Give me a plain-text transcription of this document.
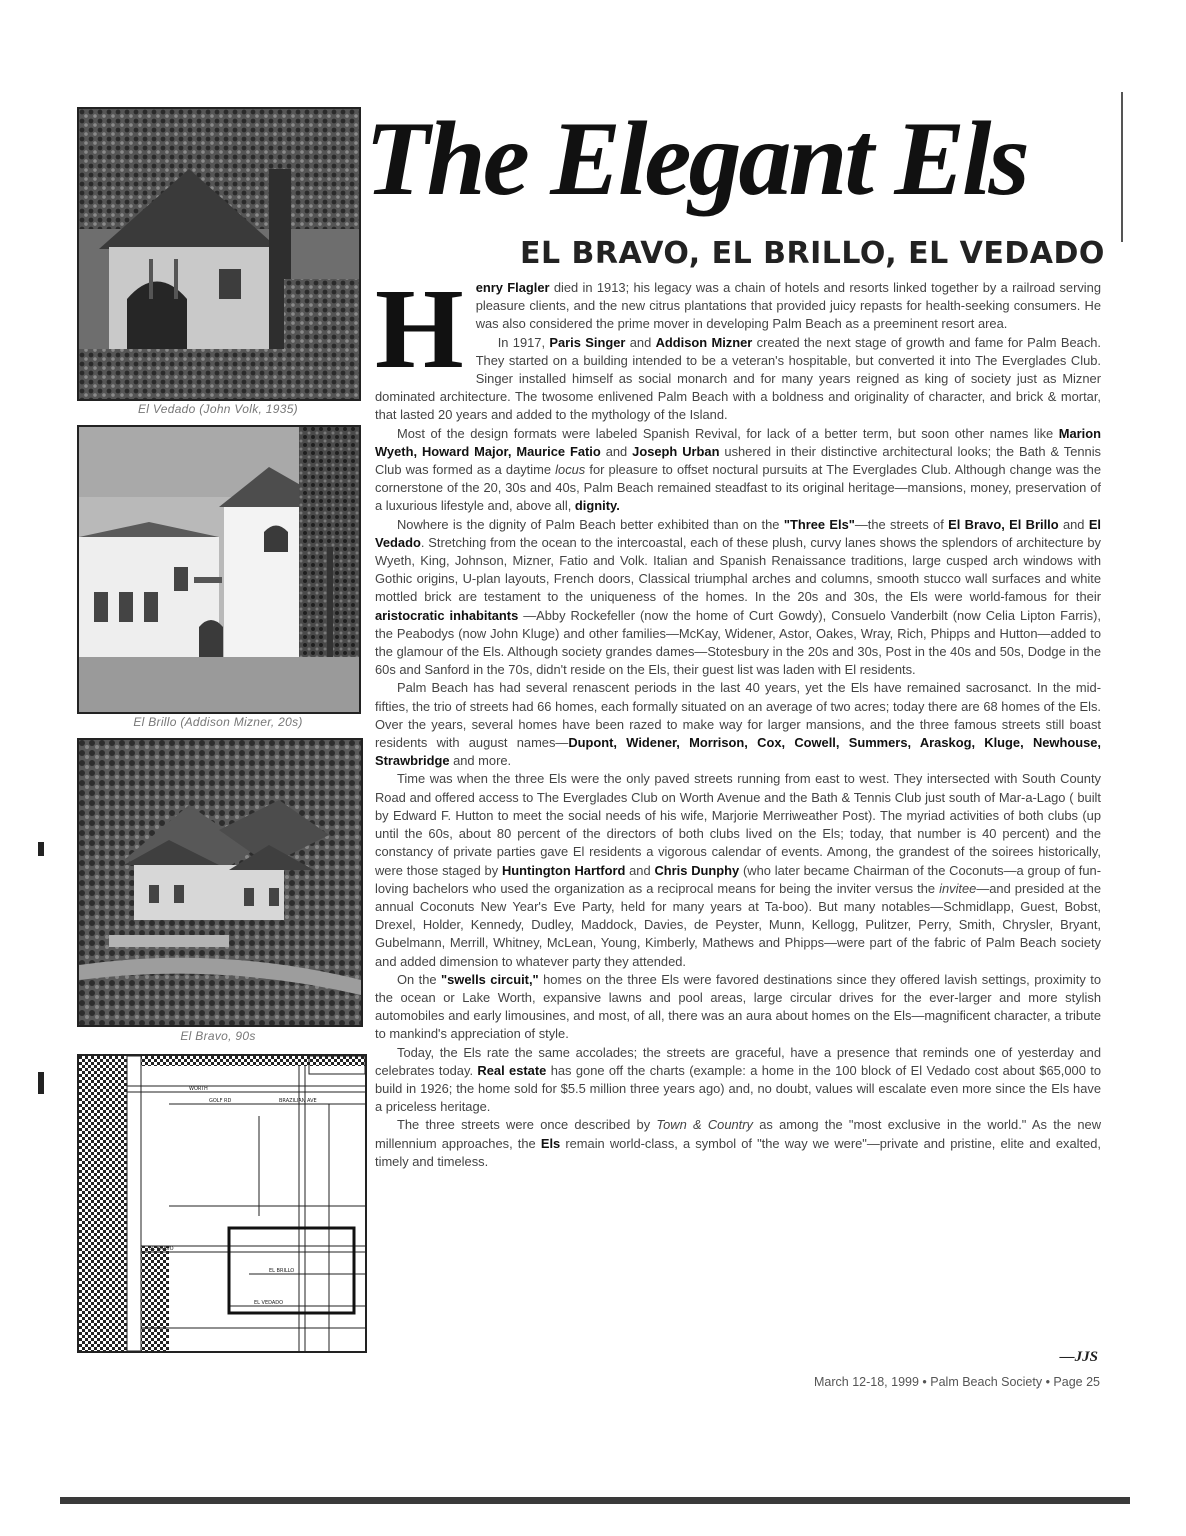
El Vedado (John Volk, 1935)
El Brillo (Addison Mizner, 20s)
El Bravo, 90s
WORTH
GOLF RD	BRAZILIAN AVE
EL BRAVO
EL BRILLO
EL VEDADO
The Elegant Els
EL BRAVO, EL BRILLO, EL VEDADO
H enry Flagler died in 1913; his legacy was a chain of hotels and resorts linked together by a railroad serving pleasure clients, and the new citrus plantations that provided juicy repasts for health-seeking consumers. He was also considered the prime mover in developing Palm Beach as a preeminent resort area.

In 1917, Paris Singer and Addison Mizner created the next stage of growth and fame for Palm Beach. They started on a building intended to be a veteran's hospitable, but converted it into The Everglades Club. Singer installed himself as social monarch and for many years reigned as king of society just as Mizner dominated architecture. The twosome enlivened Palm Beach with a boldness and originality of character, and brick & mortar, that lasted 20 years and added to the mythology of the Island.

Most of the design formats were labeled Spanish Revival, for lack of a better term, but soon other names like Marion Wyeth, Howard Major, Maurice Fatio and Joseph Urban ushered in their distinctive architectural looks; the Bath & Tennis Club was formed as a daytime locus for pleasure to offset noctural pursuits at The Everglades Club. Although change was the cornerstone of the 20, 30s and 40s, Palm Beach remained steadfast to its original heritage—mansions, money, preservation of a luxurious lifestyle and, above all, dignity.

Nowhere is the dignity of Palm Beach better exhibited than on the "Three Els"—the streets of El Bravo, El Brillo and El Vedado. Stretching from the ocean to the intercoastal, each of these plush, curvy lanes shows the splendors of architecture by Wyeth, King, Johnson, Mizner, Fatio and Volk. Italian and Spanish Renaissance traditions, large cusped arch windows with Gothic origins, U-plan layouts, French doors, Classical triumphal arches and columns, smooth stucco wall surfaces and white mottled brick are testament to the uniqueness of the homes. In the 20s and 30s, the Els were world-famous for their aristocratic inhabitants —Abby Rockefeller (now the home of Curt Gowdy), Consuelo Vanderbilt (now Celia Lipton Farris), the Peabodys (now John Kluge) and other families—McKay, Widener, Astor, Oakes, Wray, Rich, Phipps and Hutton—added to the glamour of the Els. Although society grandes dames—Stotesbury in the 20s and 30s, Post in the 40s and 50s, Dodge in the 60s and Sanford in the 70s, didn't reside on the Els, their guest list was laden with El residents.

Palm Beach has had several renascent periods in the last 40 years, yet the Els have remained sacrosanct. In the mid-fifties, the trio of streets had 66 homes, each formally situated on an average of two acres; today there are 68 homes of the Els. Over the years, several homes have been razed to make way for larger mansions, and the three famous streets still boast residents with august names—Dupont, Widener, Morrison, Cox, Cowell, Summers, Araskog, Kluge, Newhouse, Strawbridge and more.

Time was when the three Els were the only paved streets running from east to west. They intersected with South County Road and offered access to The Everglades Club on Worth Avenue and the Bath & Tennis Club just south of Mar-a-Lago ( built by Edward F. Hutton to meet the social needs of his wife, Marjorie Merriweather Post). The myriad activities of both clubs (up until the 60s, about 80 percent of the directors of both clubs lived on the Els; today, that number is 40 percent) and the constancy of private parties gave El residents a vigorous calendar of events. Among, the grandest of the soirees historically, were those staged by Huntington Hartford and Chris Dunphy (who later became Chairman of the Coconuts—a group of fun-loving bachelors who used the organization as a reciprocal means for being the inviter versus the invitee—and presided at the annual Coconuts New Year's Eve Party, held for many years at Ta-boo). But many notables—Schmidlapp, Guest, Bobst, Drexel, Holder, Kennedy, Dudley, Maddock, Davies, de Peyster, Munn, Kellogg, Pulitzer, Perry, Smith, Chrysler, Bryant, Gubelmann, Merrill, Whitney, McLean, Young, Kimberly, Mathews and Phipps—were part of the fabric of Palm Beach society and added dimension to whatever party they attended.

On the "swells circuit," homes on the three Els were favored destinations since they offered lavish settings, proximity to the ocean or Lake Worth, expansive lawns and pool areas, large circular drives for the ever-larger and more stylish automobiles and early limousines, and most, of all, there was an aura about homes on the Els—magnificent character, a tribute to mankind's appreciation of style.

Today, the Els rate the same accolades; the streets are graceful, have a presence that reminds one of yesterday and celebrates today. Real estate has gone off the charts (example: a home in the 100 block of El Vedado cost about $65,000 to build in 1926; the home sold for $5.5 million three years ago) and, no doubt, values will escalate even more since the Els have a priceless heritage.

The three streets were once described by Town & Country as among the "most exclusive in the world." As the new millennium approaches, the Els remain world-class, a symbol of "the way we were"—private and pristine, elite and exalted, timely and timeless.

—JJS
March 12-18, 1999 • Palm Beach Society • Page 25
